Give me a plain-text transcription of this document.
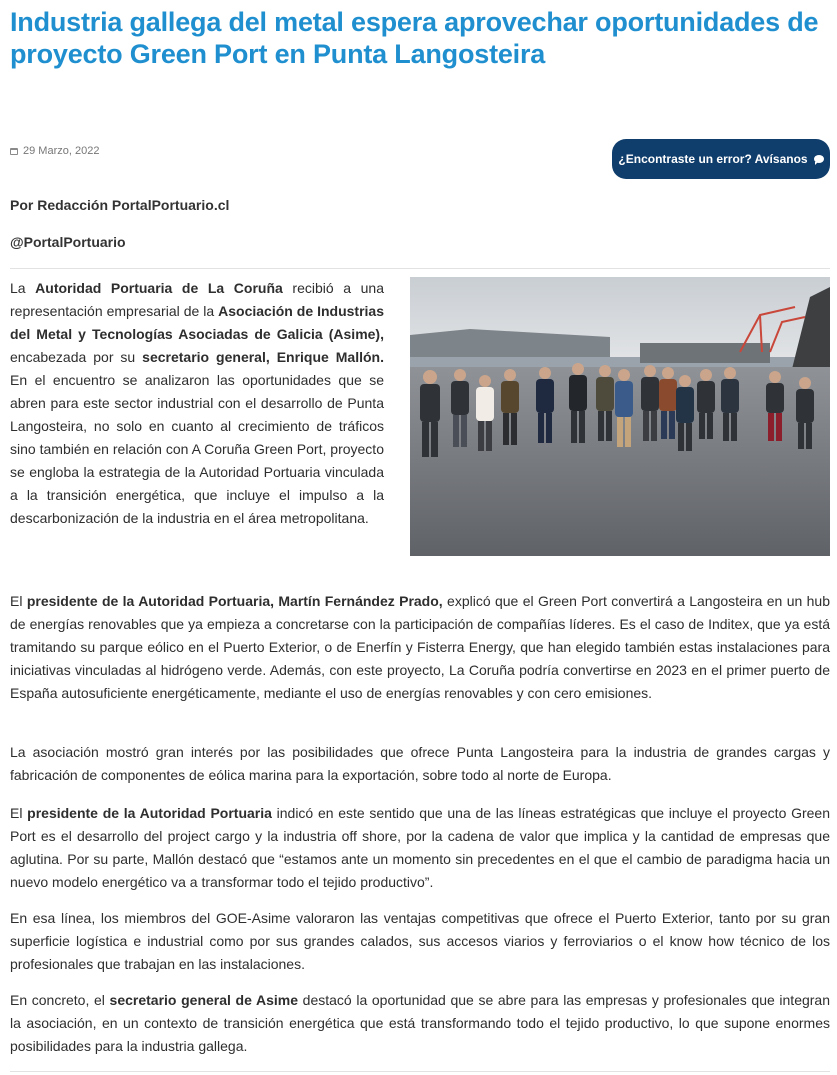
Industria gallega del metal espera aprovechar oportunidades de proyecto Green Port en Punta Langosteira
29 Marzo, 2022
¿Encontraste un error? Avísanos
Por Redacción PortalPortuario.cl
@PortalPortuario

La Autoridad Portuaria de La Coruña recibió a una representación empresarial de la Asociación de Industrias del Metal y Tecnologías Asociadas de Galicia (Asime), encabezada por su secretario general, Enrique Mallón. En el encuentro se analizaron las oportunidades que se abren para este sector industrial con el desarrollo de Punta Langosteira, no solo en cuanto al crecimiento de tráficos sino también en relación con A Coruña Green Port, proyecto se engloba la estrategia de la Autoridad Portuaria vinculada a la transición energética, que incluye el impulso a la descarbonización de la industria en el área metropolitana.

El presidente de la Autoridad Portuaria, Martín Fernández Prado, explicó que el Green Port convertirá a Langosteira en un hub de energías renovables que ya empieza a concretarse con la participación de compañías líderes. Es el caso de Inditex, que ya está tramitando su parque eólico en el Puerto Exterior, o de Enerfín y Fisterra Energy, que han elegido también estas instalaciones para iniciativas vinculadas al hidrógeno verde. Además, con este proyecto, La Coruña podría convertirse en 2023 en el primer puerto de España autosuficiente energéticamente, mediante el uso de energías renovables y con cero emisiones.

La asociación mostró gran interés por las posibilidades que ofrece Punta Langosteira para la industria de grandes cargas y fabricación de componentes de eólica marina para la exportación, sobre todo al norte de Europa.

El presidente de la Autoridad Portuaria indicó en este sentido que una de las líneas estratégicas que incluye el proyecto Green Port es el desarrollo del project cargo y la industria off shore, por la cadena de valor que implica y la cantidad de empresas que aglutina. Por su parte, Mallón destacó que “estamos ante un momento sin precedentes en el que el cambio de paradigma hacia un nuevo modelo energético va a transformar todo el tejido productivo”.

En esa línea, los miembros del GOE-Asime valoraron las ventajas competitivas que ofrece el Puerto Exterior, tanto por su gran superficie logística e industrial como por sus grandes calados, sus accesos viarios y ferroviarios o el know how técnico de los profesionales que trabajan en las instalaciones.

En concreto, el secretario general de Asime destacó la oportunidad que se abre para las empresas y profesionales que integran la asociación, en un contexto de transición energética que está transformando todo el tejido productivo, lo que supone enormes posibilidades para la industria gallega.
